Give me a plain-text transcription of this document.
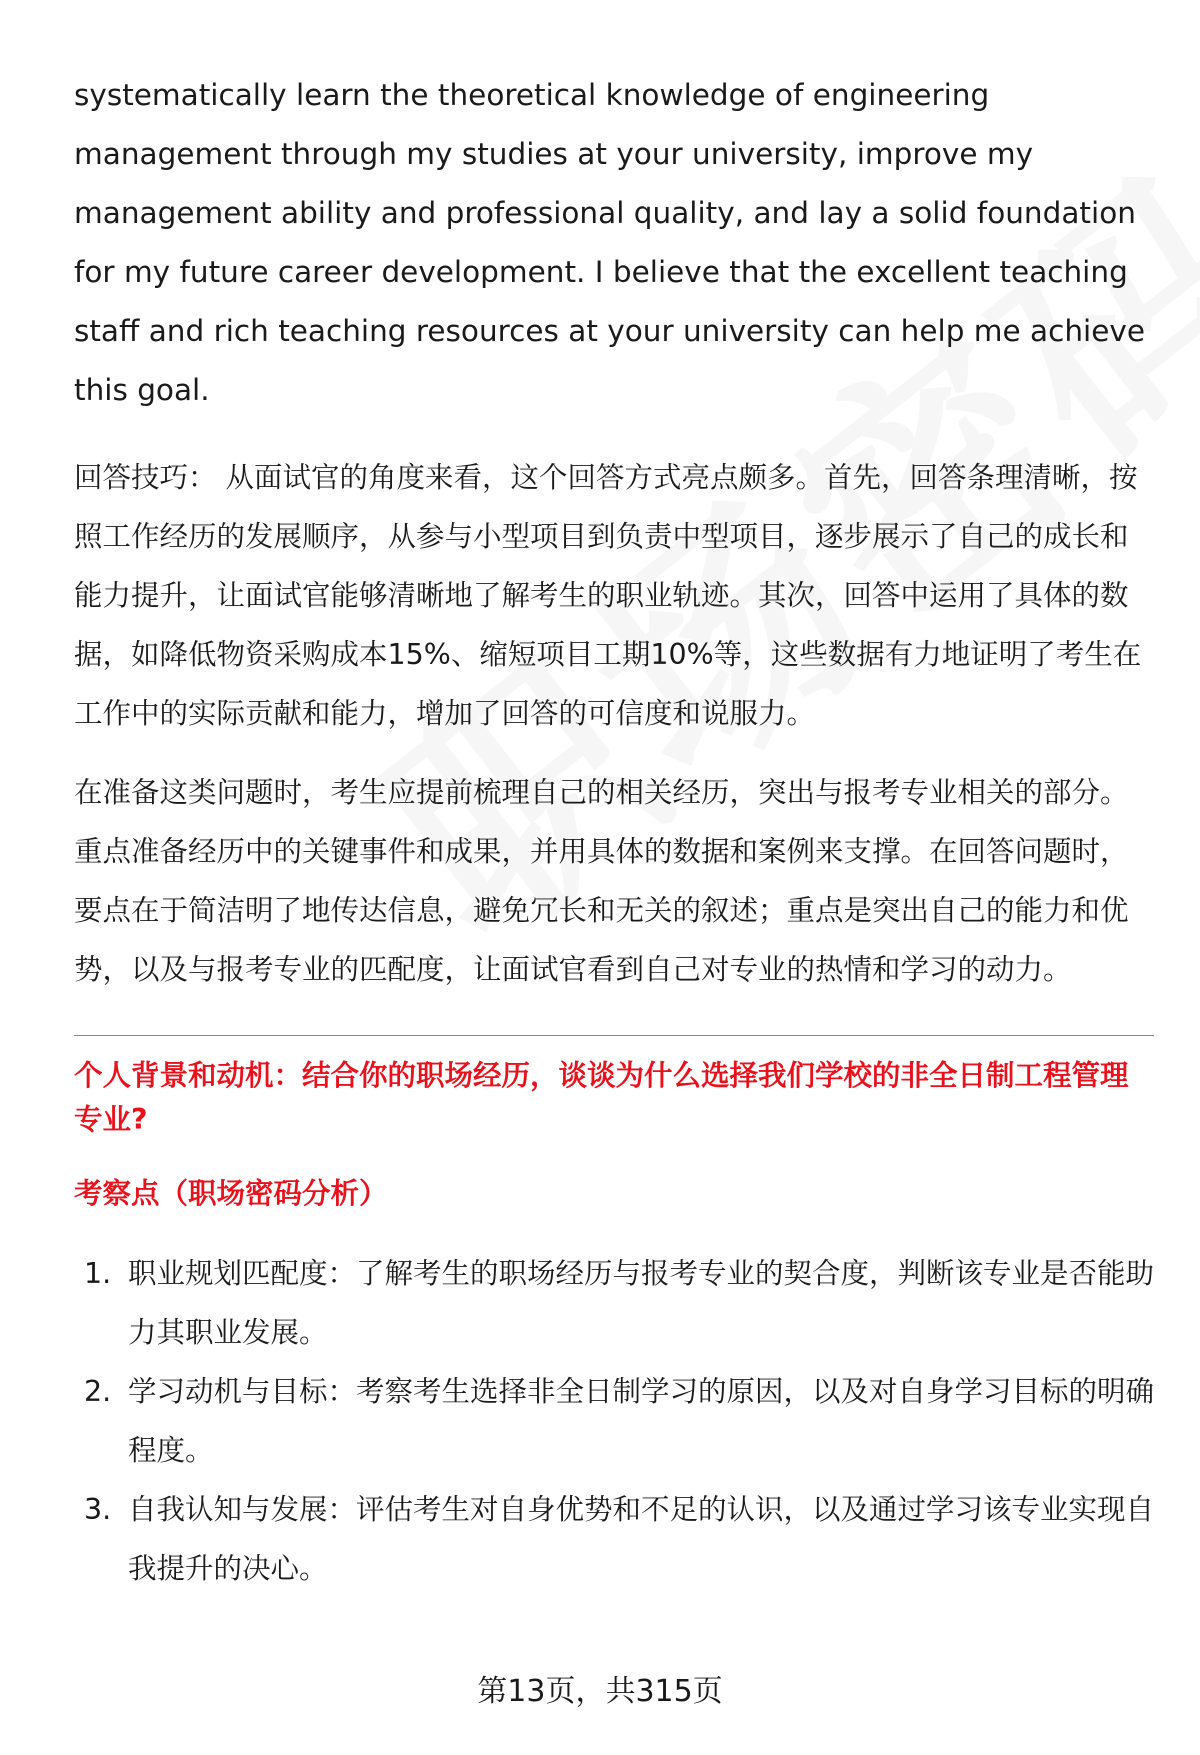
systematically learn the theoretical knowledge of engineering management through my studies at your university, improve my management ability and professional quality, and lay a solid foundation for my future career development. I believe that the excellent teaching staff and rich teaching resources at your university can help me achieve this goal.

回答技巧： 从面试官的角度来看，这个回答方式亮点颇多。首先，回答条理清晰，按照工作经历的发展顺序，从参与小型项目到负责中型项目，逐步展示了自己的成长和能力提升，让面试官能够清晰地了解考生的职业轨迹。其次，回答中运用了具体的数据，如降低物资采购成本15%、缩短项目工期10%等，这些数据有力地证明了考生在工作中的实际贡献和能力，增加了回答的可信度和说服力。

在准备这类问题时，考生应提前梳理自己的相关经历，突出与报考专业相关的部分。重点准备经历中的关键事件和成果，并用具体的数据和案例来支撑。在回答问题时，要点在于简洁明了地传达信息，避免冗长和无关的叙述；重点是突出自己的能力和优势，以及与报考专业的匹配度，让面试官看到自己对专业的热情和学习的动力。

个人背景和动机：结合你的职场经历，谈谈为什么选择我们学校的非全日制工程管理专业?

考察点（职场密码分析）

1. 职业规划匹配度：了解考生的职场经历与报考专业的契合度，判断该专业是否能助力其职业发展。
2. 学习动机与目标：考察考生选择非全日制学习的原因，以及对自身学习目标的明确程度。
3. 自我认知与发展：评估考生对自身优势和不足的认识，以及通过学习该专业实现自我提升的决心。
第13页，共315页
